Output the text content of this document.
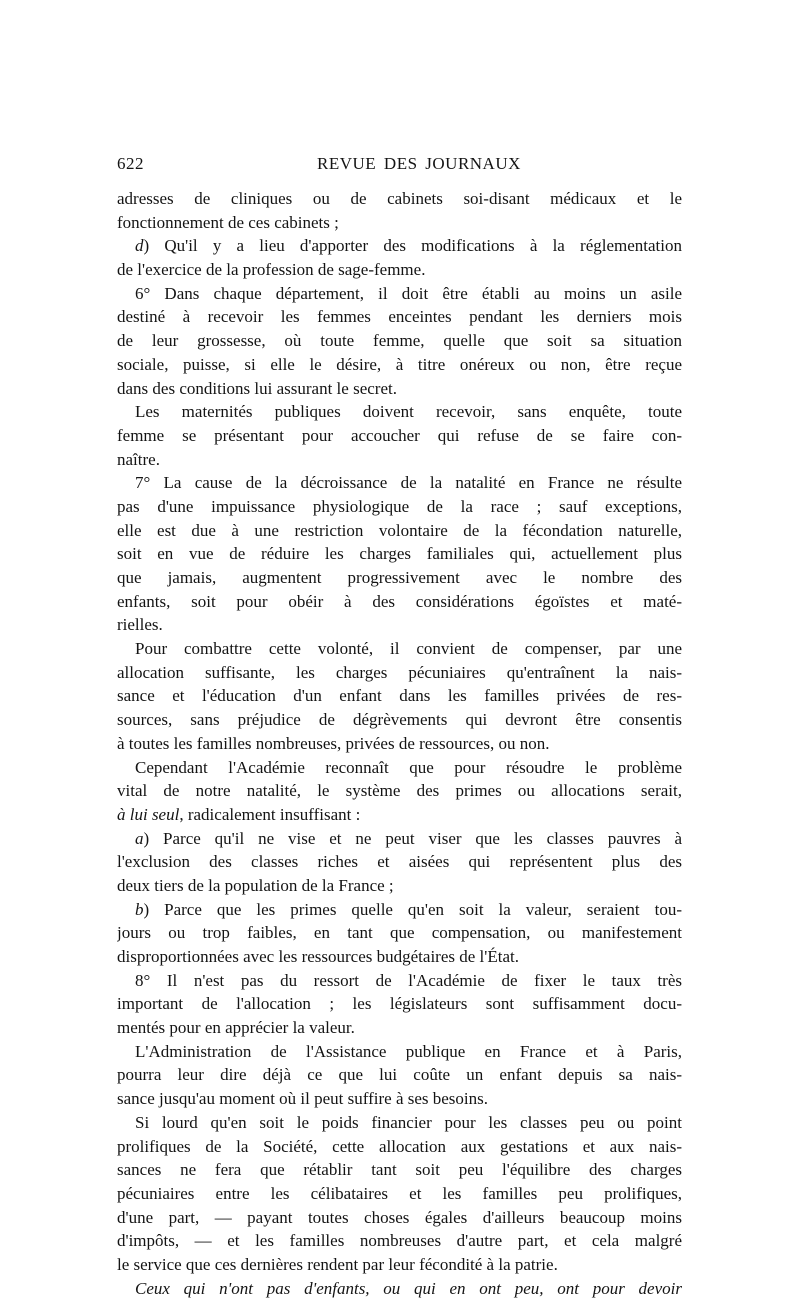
622	REVUE DES JOURNAUX
adresses de cliniques ou de cabinets soi-disant médicaux et le
fonctionnement de ces cabinets ;
d) Qu'il y a lieu d'apporter des modifications à la réglementation
de l'exercice de la profession de sage-femme.
6° Dans chaque département, il doit être établi au moins un asile
destiné à recevoir les femmes enceintes pendant les derniers mois
de leur grossesse, où toute femme, quelle que soit sa situation
sociale, puisse, si elle le désire, à titre onéreux ou non, être reçue
dans des conditions lui assurant le secret.
Les maternités publiques doivent recevoir, sans enquête, toute
femme se présentant pour accoucher qui refuse de se faire con-
naître.
7° La cause de la décroissance de la natalité en France ne résulte
pas d'une impuissance physiologique de la race ; sauf exceptions,
elle est due à une restriction volontaire de la fécondation naturelle,
soit en vue de réduire les charges familiales qui, actuellement plus
que jamais, augmentent progressivement avec le nombre des
enfants, soit pour obéir à des considérations égoïstes et maté-
rielles.
Pour combattre cette volonté, il convient de compenser, par une
allocation suffisante, les charges pécuniaires qu'entraînent la nais-
sance et l'éducation d'un enfant dans les familles privées de res-
sources, sans préjudice de dégrèvements qui devront être consentis
à toutes les familles nombreuses, privées de ressources, ou non.
Cependant l'Académie reconnaît que pour résoudre le problème
vital de notre natalité, le système des primes ou allocations serait,
à lui seul, radicalement insuffisant :
a) Parce qu'il ne vise et ne peut viser que les classes pauvres à
l'exclusion des classes riches et aisées qui représentent plus des
deux tiers de la population de la France ;
b) Parce que les primes quelle qu'en soit la valeur, seraient tou-
jours ou trop faibles, en tant que compensation, ou manifestement
disproportionnées avec les ressources budgétaires de l'État.
8° Il n'est pas du ressort de l'Académie de fixer le taux très
important de l'allocation ; les législateurs sont suffisamment docu-
mentés pour en apprécier la valeur.
L'Administration de l'Assistance publique en France et à Paris,
pourra leur dire déjà ce que lui coûte un enfant depuis sa nais-
sance jusqu'au moment où il peut suffire à ses besoins.
Si lourd qu'en soit le poids financier pour les classes peu ou point
prolifiques de la Société, cette allocation aux gestations et aux nais-
sances ne fera que rétablir tant soit peu l'équilibre des charges
pécuniaires entre les célibataires et les familles peu prolifiques,
d'une part, — payant toutes choses égales d'ailleurs beaucoup moins
d'impôts, — et les familles nombreuses d'autre part, et cela malgré
le service que ces dernières rendent par leur fécondité à la patrie.
Ceux qui n'ont pas d'enfants, ou qui en ont peu, ont pour devoir
